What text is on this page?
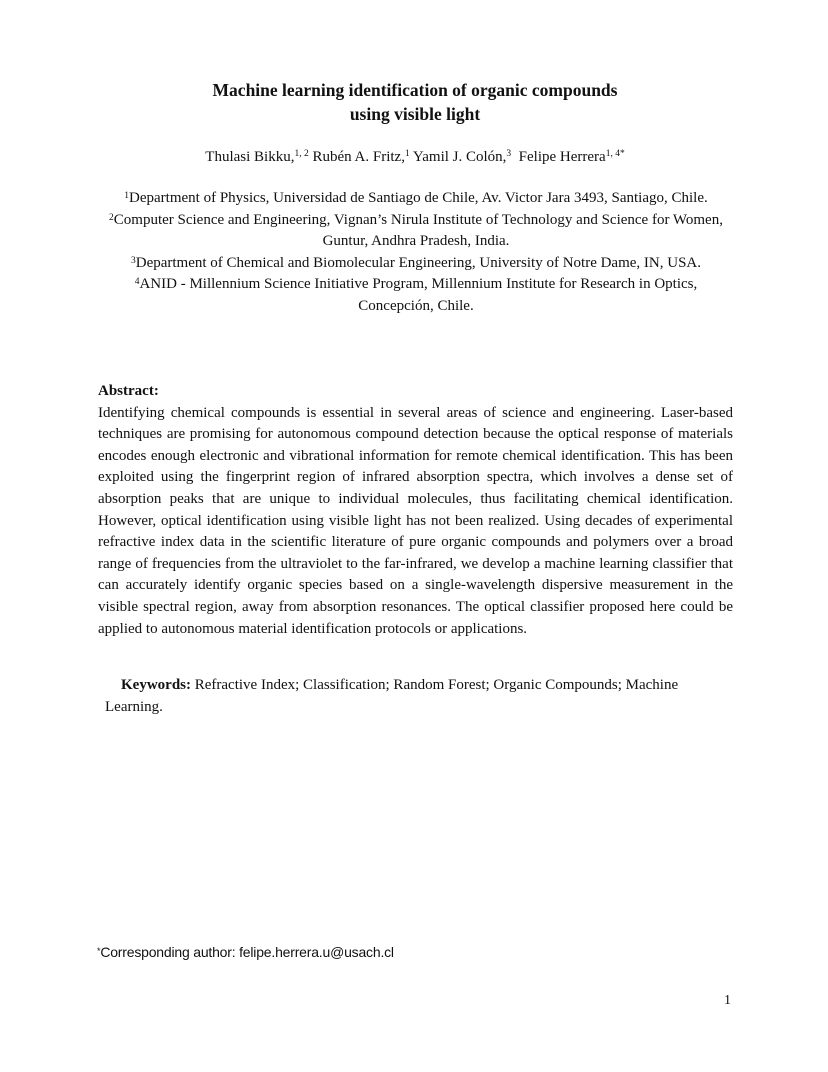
Machine learning identification of organic compounds
using visible light
Thulasi Bikku,$^{1, 2}$ Rubén A. Fritz,$^1$ Yamil J. Colón,$^3$ Felipe Herrera$^{1, 4*}$
$^1$Department of Physics, Universidad de Santiago de Chile, Av. Victor Jara 3493, Santiago, Chile.
$^2$Computer Science and Engineering, Vignan’s Nirula Institute of Technology and Science for Women, Guntur, Andhra Pradesh, India.
$^3$Department of Chemical and Biomolecular Engineering, University of Notre Dame, IN, USA.
$^4$ANID - Millennium Science Initiative Program, Millennium Institute for Research in Optics, Concepción, Chile.
Abstract:
Identifying chemical compounds is essential in several areas of science and engineering. Laser-based techniques are promising for autonomous compound detection because the optical response of materials encodes enough electronic and vibrational information for remote chemical identification. This has been exploited using the fingerprint region of infrared absorption spectra, which involves a dense set of absorption peaks that are unique to individual molecules, thus facilitating chemical identification. However, optical identification using visible light has not been realized. Using decades of experimental refractive index data in the scientific literature of pure organic compounds and polymers over a broad range of frequencies from the ultraviolet to the far-infrared, we develop a machine learning classifier that can accurately identify organic species based on a single-wavelength dispersive measurement in the visible spectral region, away from absorption resonances. The optical classifier proposed here could be applied to autonomous material identification protocols or applications.
Keywords: Refractive Index; Classification; Random Forest; Organic Compounds; Machine Learning.
*Corresponding author: felipe.herrera.u@usach.cl
1
